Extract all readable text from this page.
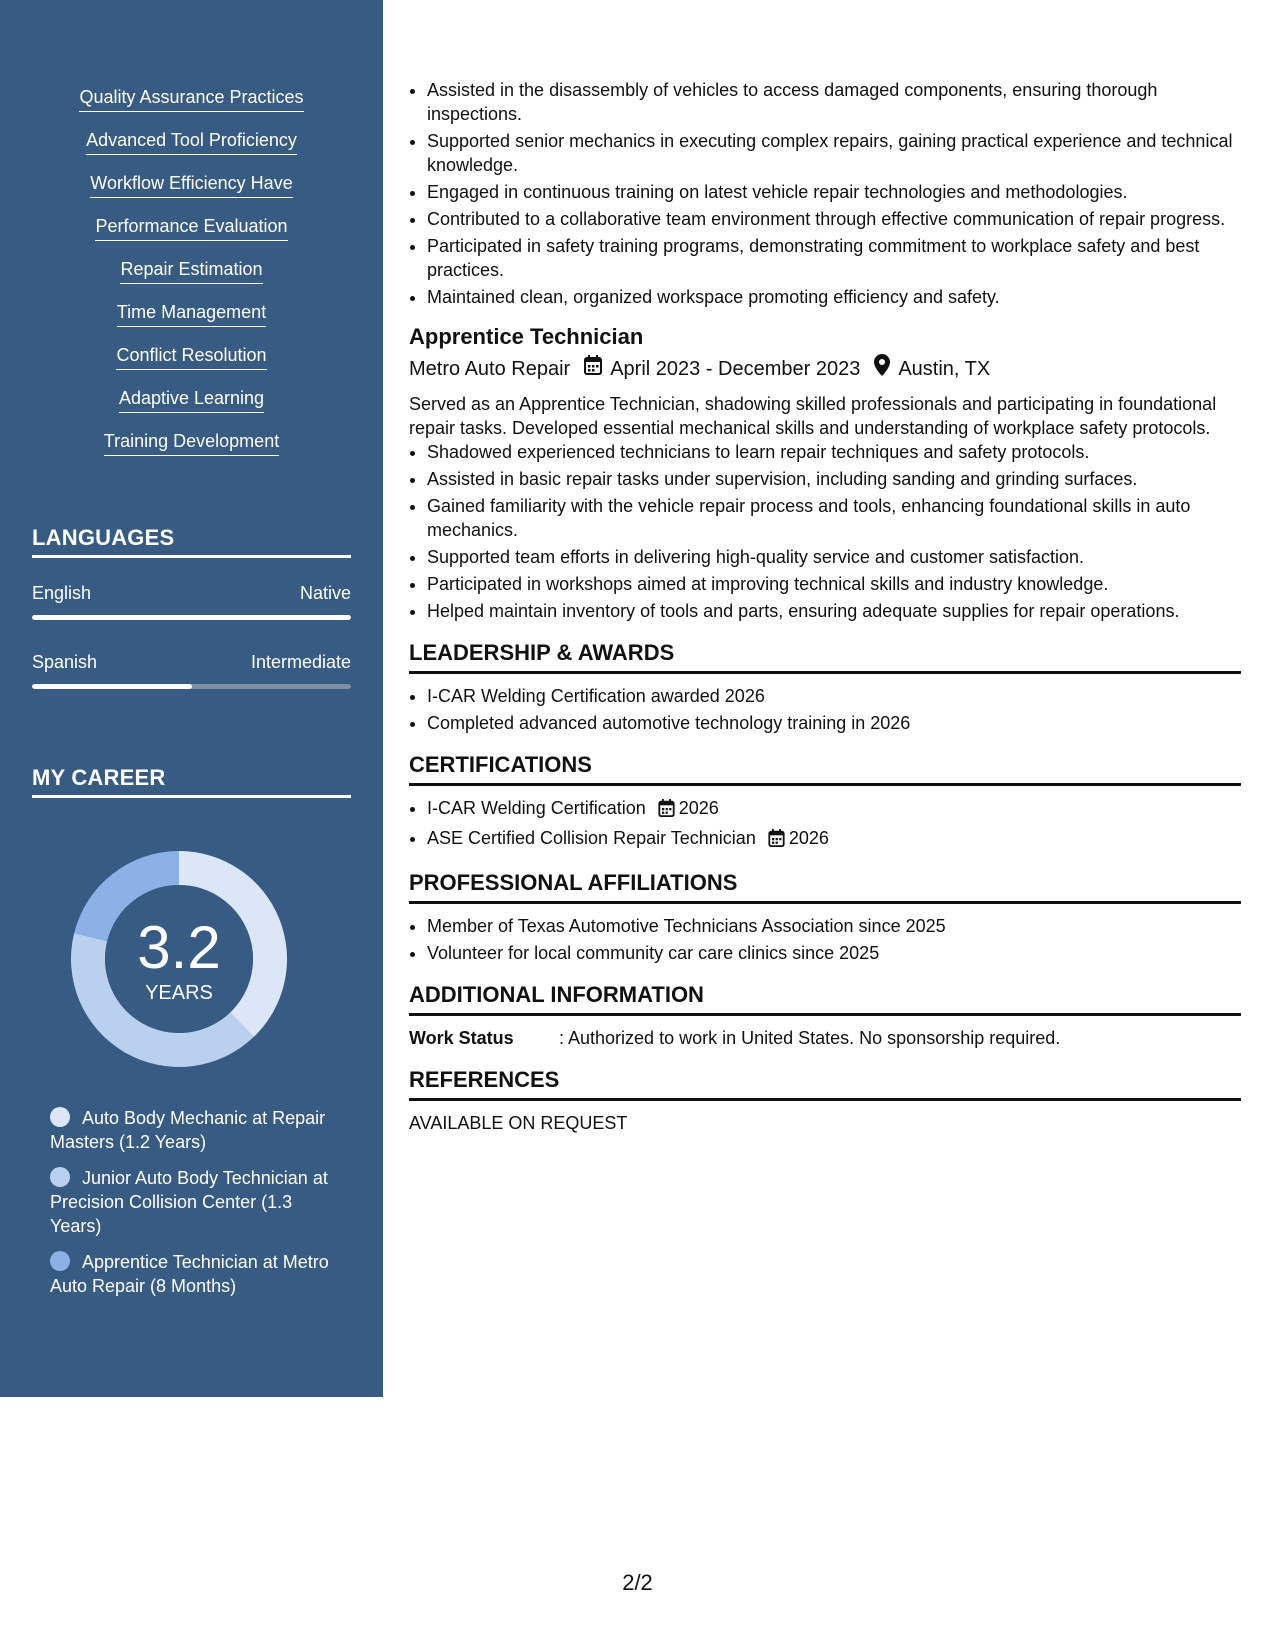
Quality Assurance Practices
Advanced Tool Proficiency
Workflow Efficiency Have
Performance Evaluation
Repair Estimation
Time Management
Conflict Resolution
Adaptive Learning
Training Development
LANGUAGES
English	Native
Spanish	Intermediate
MY CAREER
3.2
YEARS
Auto Body Mechanic at Repair Masters (1.2 Years)
Junior Auto Body Technician at Precision Collision Center (1.3 Years)
Apprentice Technician at Metro Auto Repair (8 Months)
• Assisted in the disassembly of vehicles to access damaged components, ensuring thorough inspections.
• Supported senior mechanics in executing complex repairs, gaining practical experience and technical knowledge.
• Engaged in continuous training on latest vehicle repair technologies and methodologies.
• Contributed to a collaborative team environment through effective communication of repair progress.
• Participated in safety training programs, demonstrating commitment to workplace safety and best practices.
• Maintained clean, organized workspace promoting efficiency and safety.
Apprentice Technician
Metro Auto Repair April 2023 - December 2023 Austin, TX
Served as an Apprentice Technician, shadowing skilled professionals and participating in foundational repair tasks. Developed essential mechanical skills and understanding of workplace safety protocols.
• Shadowed experienced technicians to learn repair techniques and safety protocols.
• Assisted in basic repair tasks under supervision, including sanding and grinding surfaces.
• Gained familiarity with the vehicle repair process and tools, enhancing foundational skills in auto mechanics.
• Supported team efforts in delivering high-quality service and customer satisfaction.
• Participated in workshops aimed at improving technical skills and industry knowledge.
• Helped maintain inventory of tools and parts, ensuring adequate supplies for repair operations.
LEADERSHIP & AWARDS
• I-CAR Welding Certification awarded 2026
• Completed advanced automotive technology training in 2026
CERTIFICATIONS
• I-CAR Welding Certification 2026
• ASE Certified Collision Repair Technician 2026
PROFESSIONAL AFFILIATIONS
• Member of Texas Automotive Technicians Association since 2025
• Volunteer for local community car care clinics since 2025
ADDITIONAL INFORMATION
Work Status	: Authorized to work in United States. No sponsorship required.
REFERENCES
AVAILABLE ON REQUEST
2/2
